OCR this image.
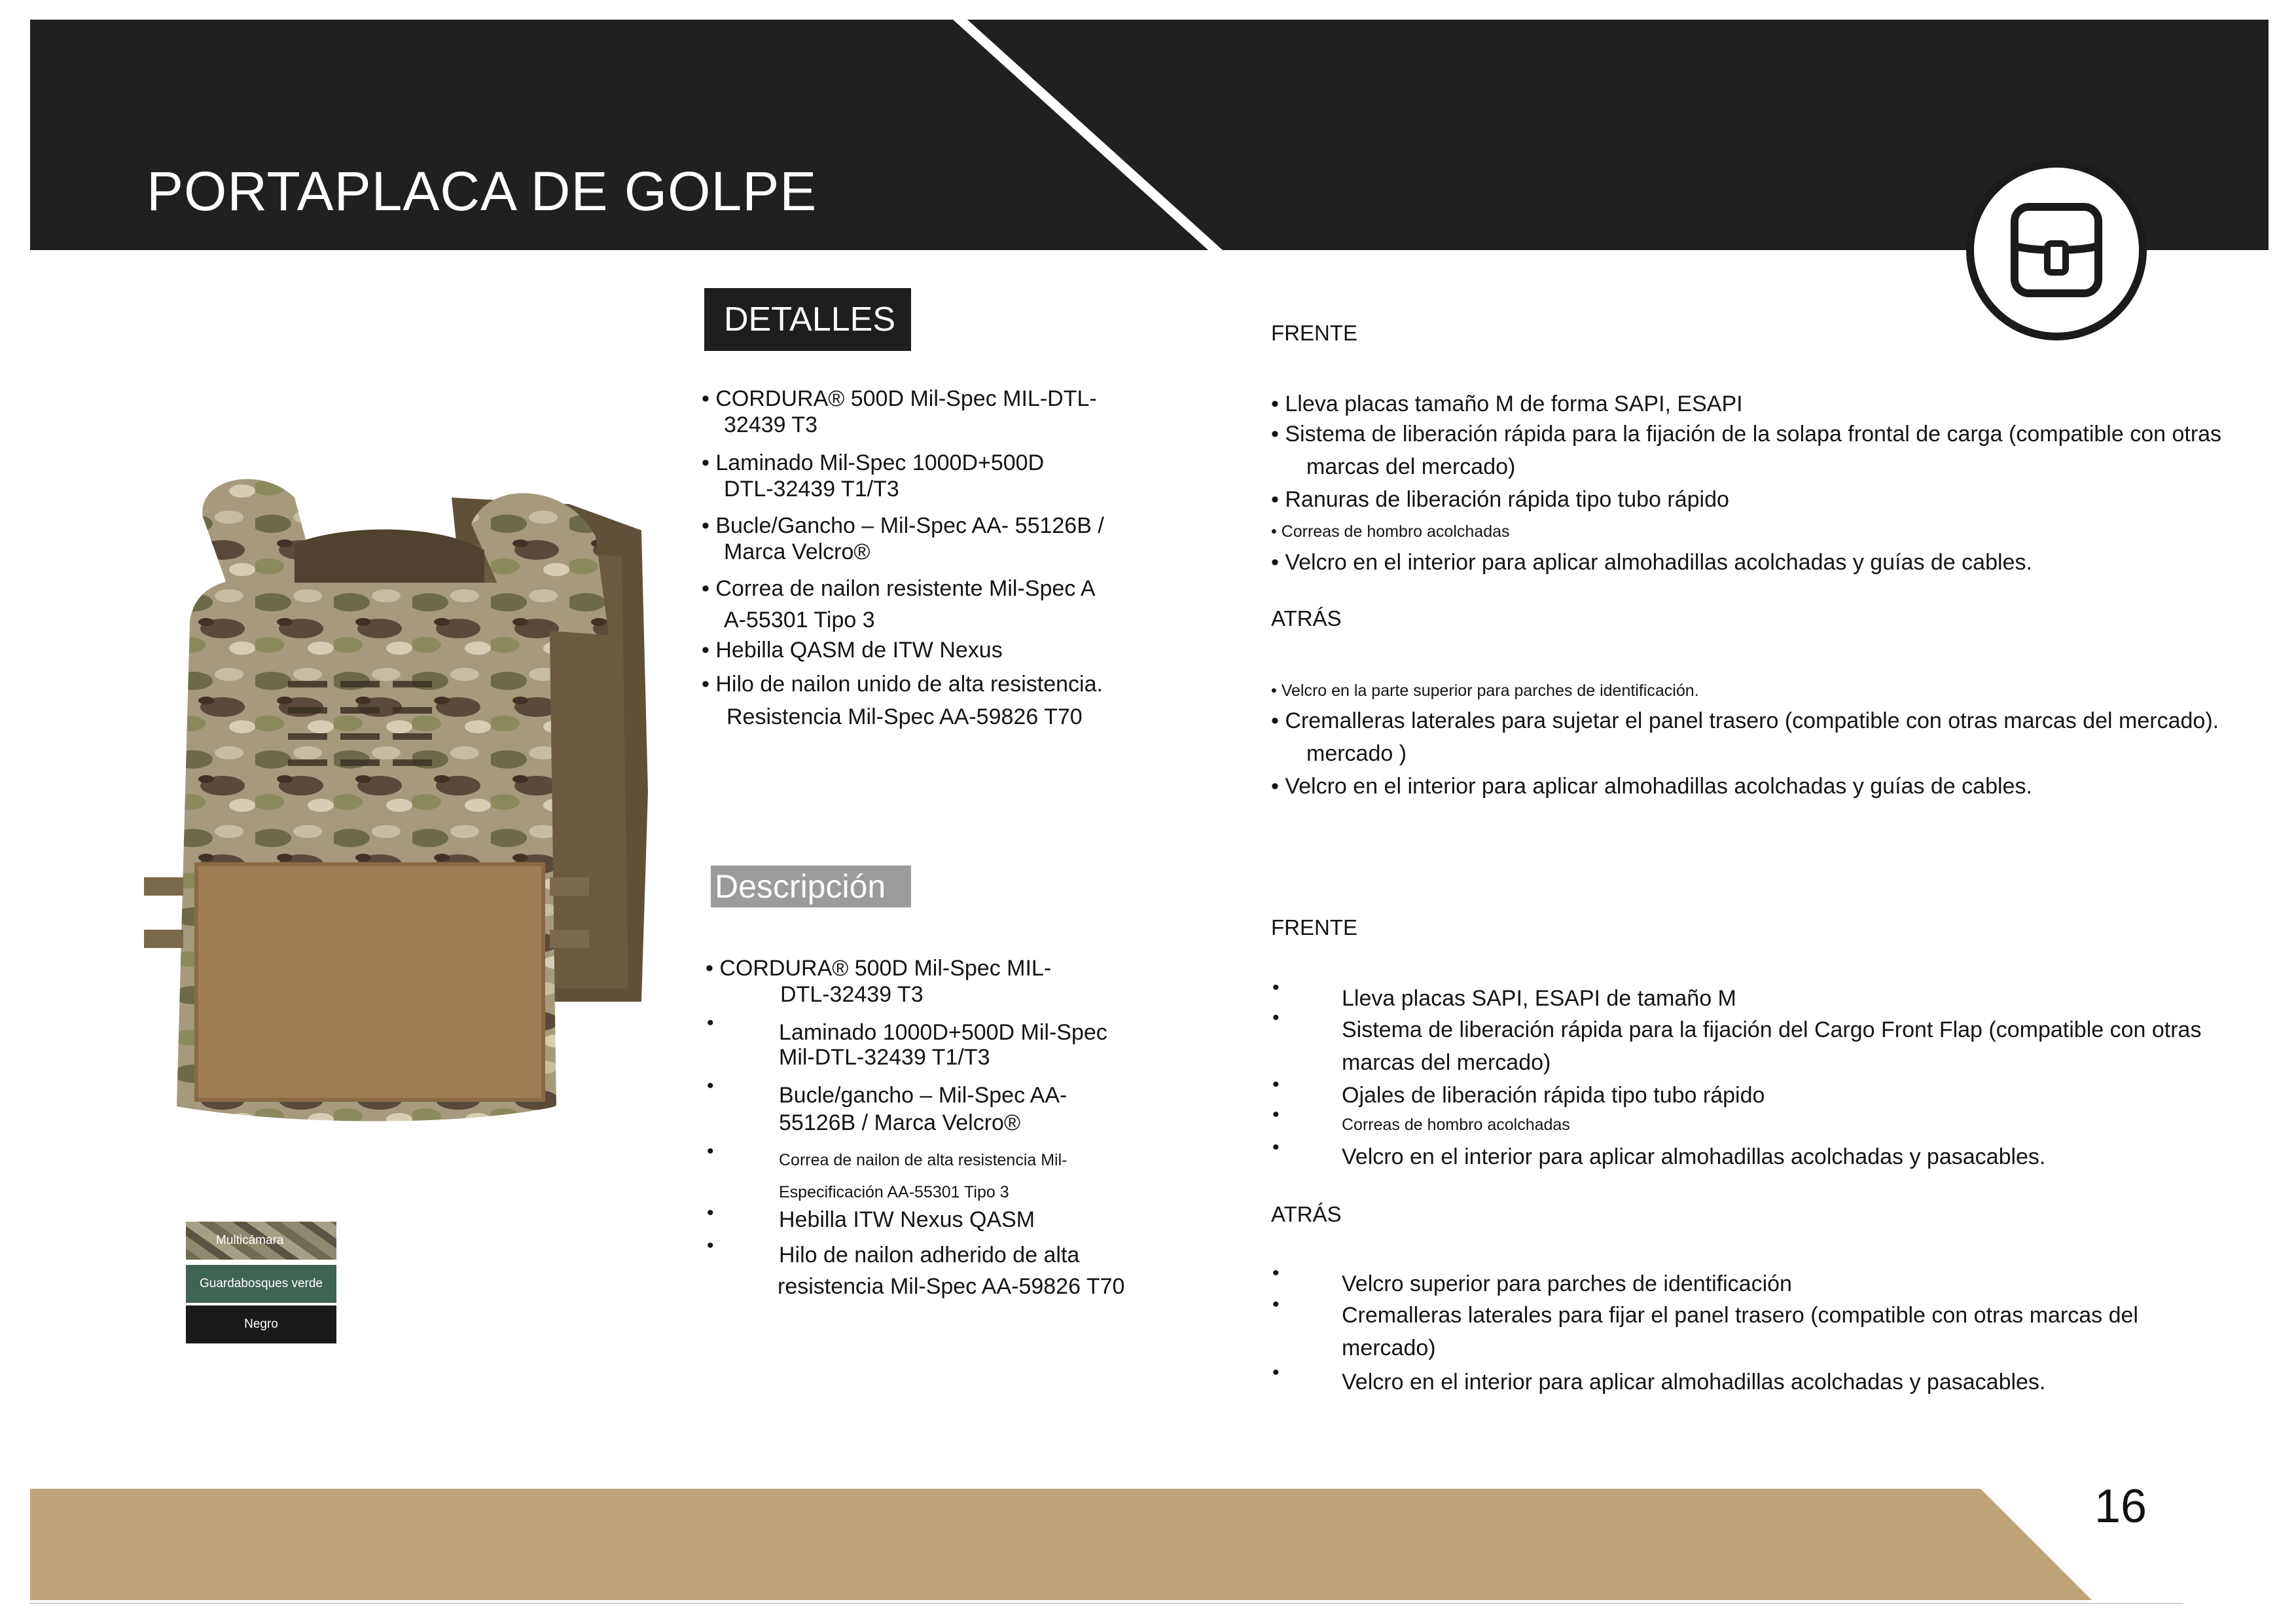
PORTAPLACA DE GOLPE
Multicámara
Guardabosques verde
Negro
DETALLES
• CORDURA® 500D Mil-Spec MIL-DTL-
32439 T3
• Laminado Mil-Spec 1000D+500D
DTL-32439 T1/T3
• Bucle/Gancho – Mil-Spec AA- 55126B /
Marca Velcro®
• Correa de nailon resistente Mil-Spec A
A-55301 Tipo 3
• Hebilla QASM de ITW Nexus
• Hilo de nailon unido de alta resistencia.
Resistencia Mil-Spec AA-59826 T70
FRENTE
• Lleva placas tamaño M de forma SAPI, ESAPI
• Sistema de liberación rápida para la fijación de la solapa frontal de carga (compatible con otras
marcas del mercado)
• Ranuras de liberación rápida tipo tubo rápido
• Correas de hombro acolchadas
• Velcro en el interior para aplicar almohadillas acolchadas y guías de cables.
ATRÁS
• Velcro en la parte superior para parches de identificación.
• Cremalleras laterales para sujetar el panel trasero (compatible con otras marcas del mercado).
mercado )
• Velcro en el interior para aplicar almohadillas acolchadas y guías de cables.
Descripción
• CORDURA® 500D Mil-Spec MIL-
DTL-32439 T3
•	Laminado 1000D+500D Mil-Spec
Mil-DTL-32439 T1/T3
•	Bucle/gancho – Mil-Spec AA-
55126B / Marca Velcro®
•	Correa de nailon de alta resistencia Mil-
Especificación AA-55301 Tipo 3
•	Hebilla ITW Nexus QASM
•	Hilo de nailon adherido de alta
resistencia Mil-Spec AA-59826 T70
FRENTE
•	Lleva placas SAPI, ESAPI de tamaño M
•	Sistema de liberación rápida para la fijación del Cargo Front Flap (compatible con otras
marcas del mercado)
•	Ojales de liberación rápida tipo tubo rápido
•	Correas de hombro acolchadas
•	Velcro en el interior para aplicar almohadillas acolchadas y pasacables.
ATRÁS
•	Velcro superior para parches de identificación
•	Cremalleras laterales para fijar el panel trasero (compatible con otras marcas del
mercado)
•	Velcro en el interior para aplicar almohadillas acolchadas y pasacables.
16
